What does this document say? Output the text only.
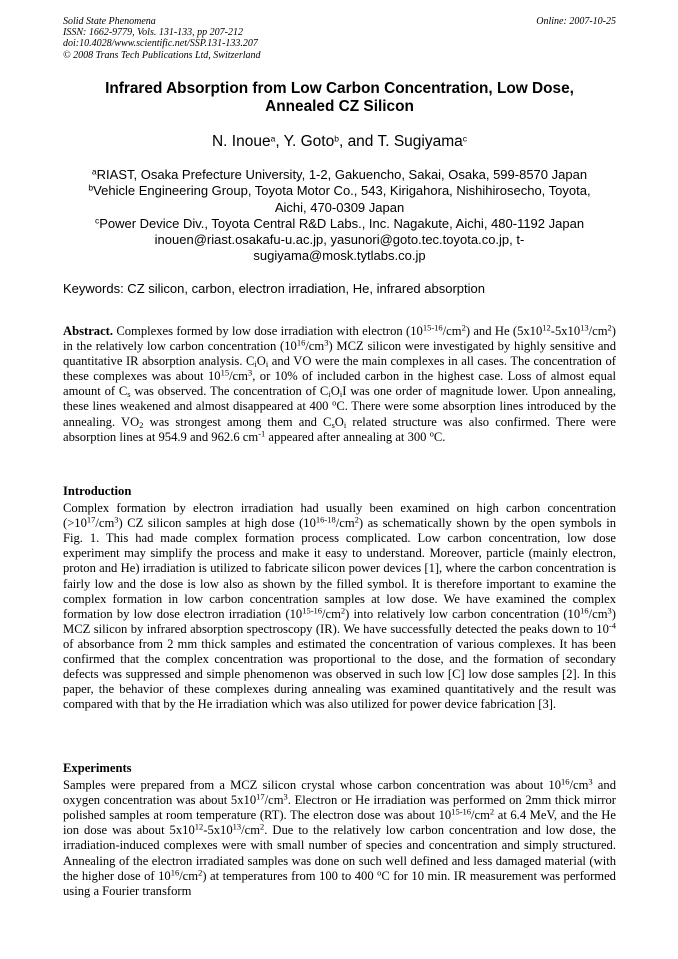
Solid State Phenomena
ISSN: 1662-9779, Vols. 131-133, pp 207-212
doi:10.4028/www.scientific.net/SSP.131-133.207
© 2008 Trans Tech Publications Ltd, Switzerland
Online: 2007-10-25
Infrared Absorption from Low Carbon Concentration, Low Dose,
Annealed CZ Silicon
N. Inoue$^a$, Y. Goto$^b$, and T. Sugiyama$^c$
$^a$RIAST, Osaka Prefecture University, 1-2, Gakuencho, Sakai, Osaka, 599-8570 Japan
$^b$Vehicle Engineering Group, Toyota Motor Co., 543, Kirigahora, Nishihirosecho, Toyota,
Aichi, 470-0309 Japan
$^c$Power Device Div., Toyota Central R&D Labs., Inc. Nagakute, Aichi, 480-1192 Japan
inouen@riast.osakafu-u.ac.jp, yasunori@goto.tec.toyota.co.jp, t-
sugiyama@mosk.tytlabs.co.jp
Keywords: CZ silicon, carbon, electron irradiation, He, infrared absorption
Abstract. Complexes formed by low dose irradiation with electron $(10^{15-16}/cm^2)$ and He $(5x10^{12}-5x10^{13}/cm^2)$ in the relatively low carbon concentration $(10^{16}/cm^3)$ MCZ silicon were investigated by highly sensitive and quantitative IR absorption analysis. $C_iO_i$ and VO were the main complexes in all cases. The concentration of these complexes was about $10^{15}/cm^3$, or 10% of included carbon in the highest case. Loss of almost equal amount of $C_s$ was observed. The concentration of $C_iO_iI$ was one order of magnitude lower. Upon annealing, these lines weakened and almost disappeared at 400 $^o$C. There were some absorption lines introduced by the annealing. $VO_2$ was strongest among them and $C_sO_i$ related structure was also confirmed. There were absorption lines at 954.9 and 962.6 $cm^{-1}$ appeared after annealing at 300 $^o$C.
Introduction
Complex formation by electron irradiation had usually been examined on high carbon concentration $(>10^{17}/cm^3)$ CZ silicon samples at high dose $(10^{16-18}/cm^2)$ as schematically shown by the open symbols in Fig. 1. This had made complex formation process complicated. Low carbon concentration, low dose experiment may simplify the process and make it easy to understand. Moreover, particle (mainly electron, proton and He) irradiation is utilized to fabricate silicon power devices [1], where the carbon concentration is fairly low and the dose is low also as shown by the filled symbol. It is therefore important to examine the complex formation in low carbon concentration samples at low dose. We have examined the complex formation by low dose electron irradiation $(10^{15-16}/cm^2)$ into relatively low carbon concentration $(10^{16}/cm^3)$ MCZ silicon by infrared absorption spectroscopy (IR). We have successfully detected the peaks down to $10^{-4}$ of absorbance from 2 mm thick samples and estimated the concentration of various complexes. It has been confirmed that the complex concentration was proportional to the dose, and the formation of secondary defects was suppressed and simple phenomenon was observed in such low [C] low dose samples [2]. In this paper, the behavior of these complexes during annealing was examined quantitatively and the result was compared with that by the He irradiation which was also utilized for power device fabrication [3].
Experiments
Samples were prepared from a MCZ silicon crystal whose carbon concentration was about $10^{16}/cm^3$ and oxygen concentration was about $5x10^{17}/cm^3$. Electron or He irradiation was performed on 2mm thick mirror polished samples at room temperature (RT). The electron dose was about $10^{15-16}/cm^2$ at 6.4 MeV, and the He ion dose was about $5x10^{12}-5x10^{13}/cm^2$. Due to the relatively low carbon concentration and low dose, the irradiation-induced complexes were with small number of species and concentration and simply structured. Annealing of the electron irradiated samples was done on such well defined and less damaged material (with the higher dose of $10^{16}/cm^2$) at temperatures from 100 to 400 $^o$C for 10 min. IR measurement was performed using a Fourier transform
